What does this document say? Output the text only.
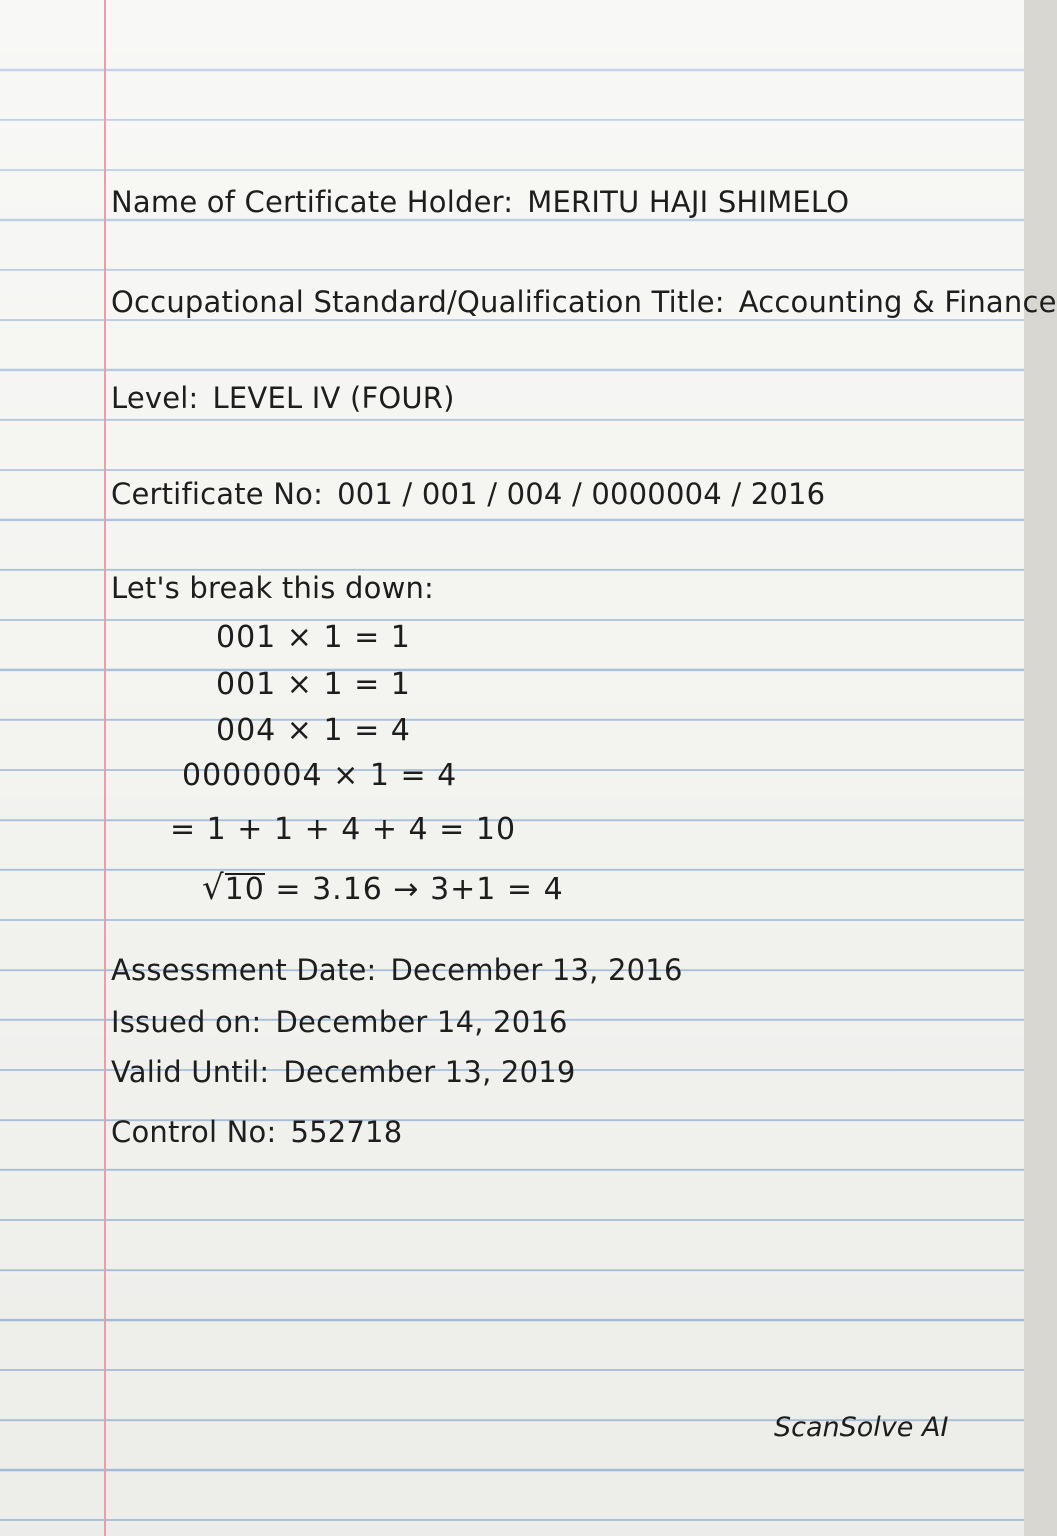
Name of Certificate Holder: MERITU HAJI SHIMELO
Occupational Standard/Qualification Title: Accounting & Finance
Level: LEVEL IV (FOUR)
Certificate No: 001 / 001 / 004 / 0000004 / 2016
Let's break this down:
001 × 1 = 1
001 × 1 = 1
004 × 1 = 4
0000004 × 1 = 4
= 1 + 1 + 4 + 4 = 10
√10 = 3.16 → 3+1 = 4
Assessment Date: December 13, 2016
Issued on: December 14, 2016
Valid Until: December 13, 2019
Control No: 552718
ScanSolve AI
